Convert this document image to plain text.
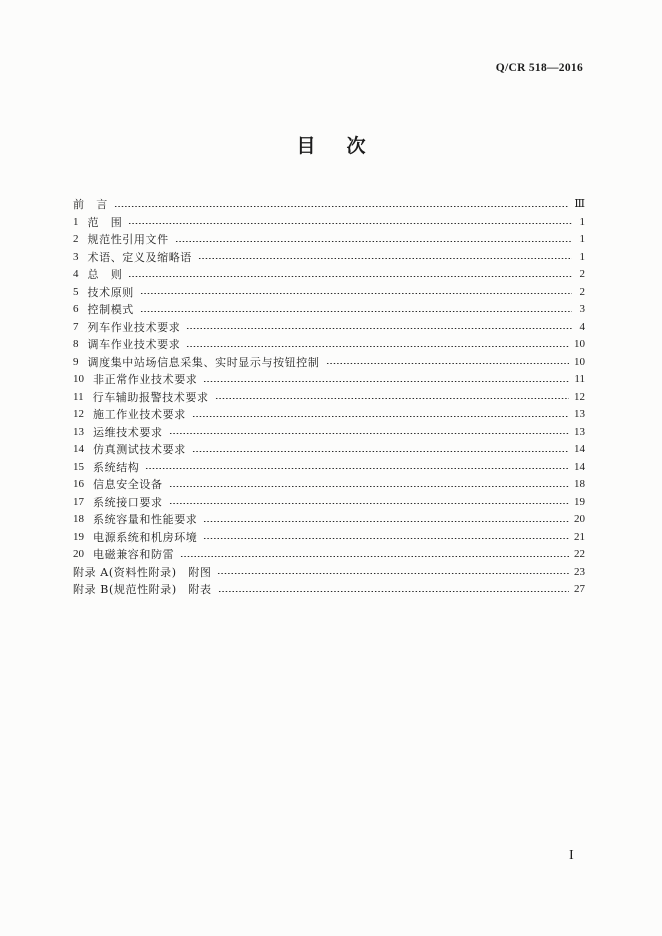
Q/CR 518—2016
目　次
前　言	Ⅲ
1 范　围	1
2 规范性引用文件	1
3 术语、定义及缩略语	1
4 总　则	2
5 技术原则	2
6 控制模式	3
7 列车作业技术要求	4
8 调车作业技术要求	10
9 调度集中站场信息采集、实时显示与按钮控制	10
10 非正常作业技术要求	11
11 行车辅助报警技术要求	12
12 施工作业技术要求	13
13 运维技术要求	13
14 仿真测试技术要求	14
15 系统结构	14
16 信息安全设备	18
17 系统接口要求	19
18 系统容量和性能要求	20
19 电源系统和机房环境	21
20 电磁兼容和防雷	22
附录 A(资料性附录)　附图	23
附录 B(规范性附录)　附表	27
I
